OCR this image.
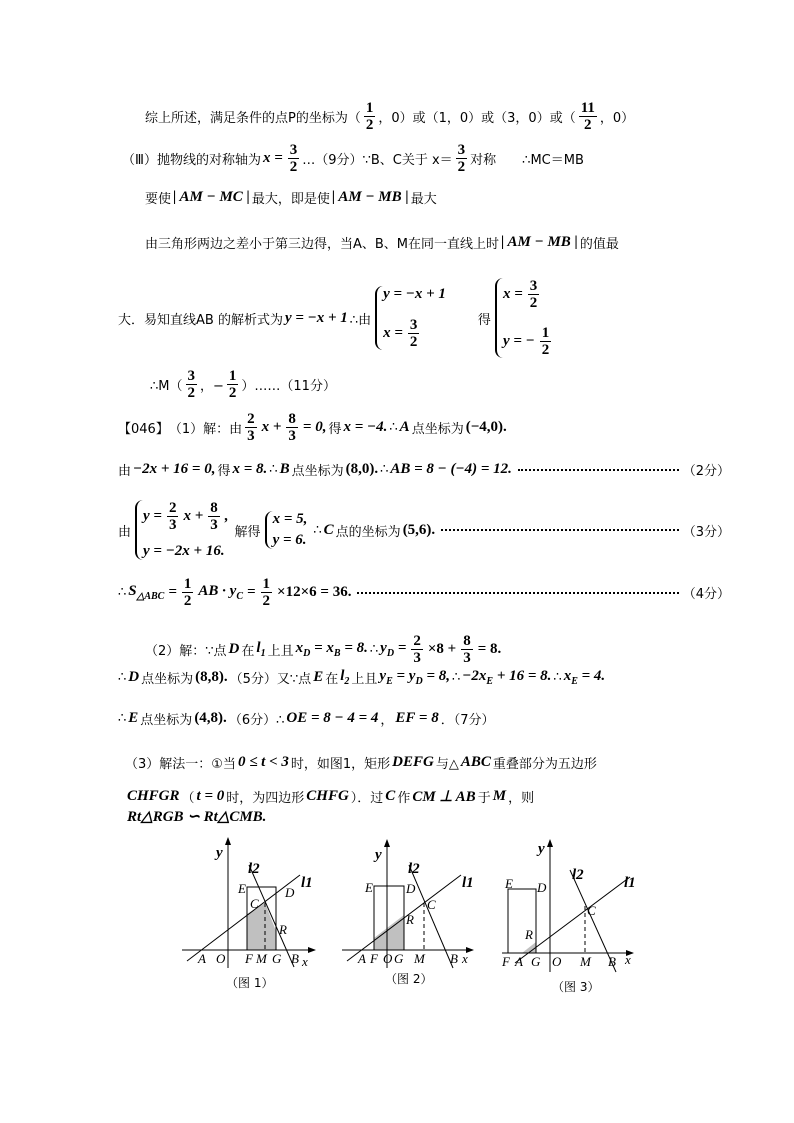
综上所述，满足条件的点P的坐标为（ $\frac{1}{2}$ ，0）或（1，0）或（3，0）或（ $\frac{11}{2}$ ，0）
（Ⅲ）抛物线的对称轴为 $x = \frac{3}{2}$ …（9分）∵B、C关于 $x= \frac{3}{2}$ 对称 ∴MC＝MB
要使 | AM − MC | 最大，即是使 | AM − MB | 最大
由三角形两边之差小于第三边得，当A、B、M在同一直线上时 | AM − MB | 的值最
大．易知直线AB 的解析式为 y = −x + 1 ∴由
y = −x + 1
$x = \frac{3}{2}$	得
$x = \frac{3}{2}$
y = − $\frac{1}{2}$
∴M（ $\frac{3}{2}$ ，− $\frac{1}{2}$ ）……（11分）
【046】 （1）解：由 $\frac{2}{3}$ $x + \frac{8}{3} = 0$, 得 x = −4. ∴ A 点坐标为 (−4,0).
由 −2x + 16 = 0, 得 x = 8. ∴ B 点坐标为 (8,0). ∴ AB = 8 − (−4) = 12.	（2分）
由
$y = \frac{2}{3}$ $x + \frac{8}{3}$ ,
y = −2x + 16.
解得
x = 5,
y = 6.
∴ C 点的坐标为 (5,6).	（3分）
∴ $S_{\triangle ABC} = \frac{1}{2}$ AB · $y_C = \frac{1}{2} \times 12\times 6 = 36$.	（4分）
（2）解：∵点 D 在 $l_1$ 上且 $x_D = x_B = 8$. ∴ $y_D = \frac{2}{3} \times 8 + \frac{8}{3} = 8$.
∴ D 点坐标为 (8,8). （5分）又∵点 E 在 $l_2$ 上且 $y_E = y_D = 8$, ∴ $-2x_E + 16 = 8$. ∴ $x_E = 4$.
∴ E 点坐标为 (4,8). （6分）∴ OE = 8 − 4 = 4 ， EF = 8 ．（7分）
（3）解法一：①当 0 ≤ t < 3 时，如图1，矩形 DEFG 与△ ABC 重叠部分为五边形
CHFGR （ t = 0 时，为四边形 CHFG ）．过 C 作 CM ⊥ AB 于 M ，则
Rt△RGB ∽ Rt△CMB.
y
l2
l1
E	D
C
R
A O F M G B x
（图 1）
y
l2
l1
E	D
C
R
A F O G M B x
（图 2）
y
l2	l1
E D
C
R
F A G O M B x
（图 3）
